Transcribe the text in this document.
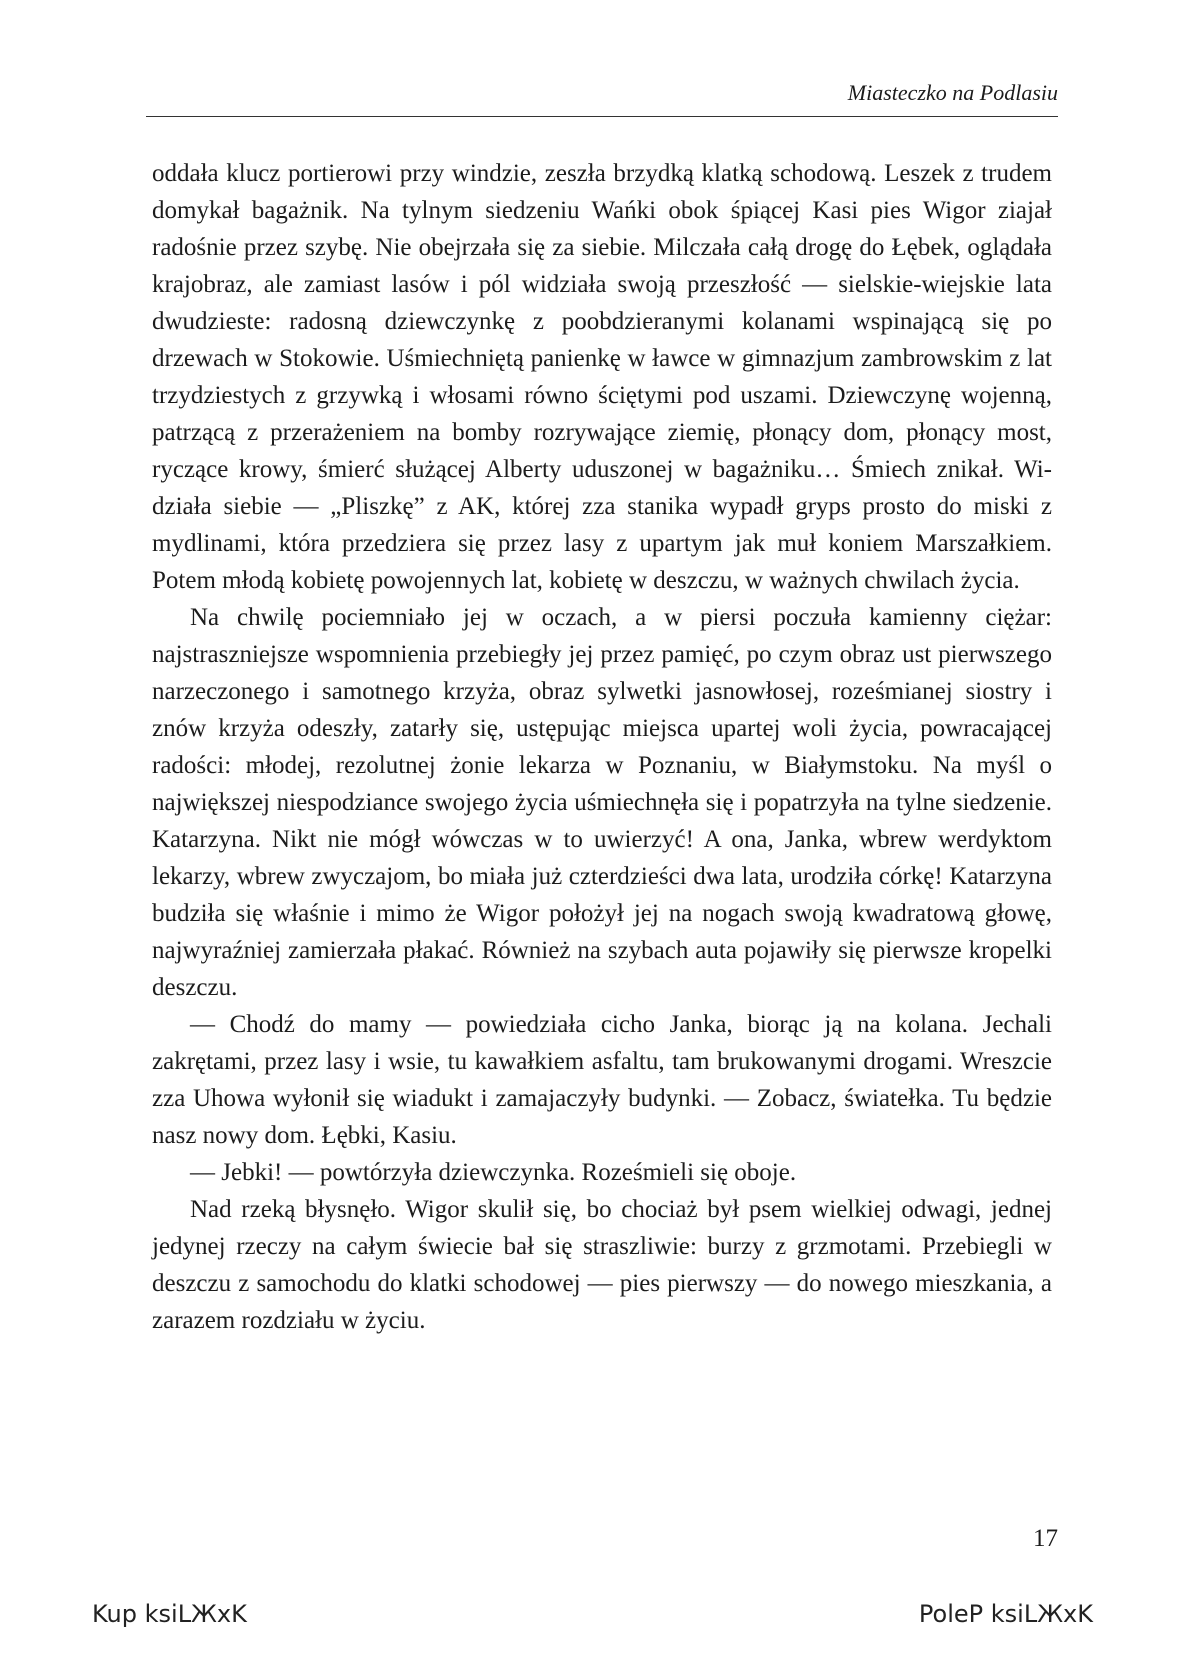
Miasteczko na Podlasiu

oddała klucz portierowi przy windzie, zeszła brzydką klatką schodową. Leszek z trudem domykał bagażnik. Na tylnym siedzeniu Wańki obok śpiącej Kasi pies Wigor ziajał radośnie przez szybę. Nie obejrzała się za siebie. Milczała całą drogę do Łębek, oglądała krajobraz, ale zamiast lasów i pól widziała swoją przeszłość — sielskie-wiejskie lata dwudzieste: radosną dziewczynkę z poobdzieranymi kolanami wspinającą się po drzewach w Stokowie. Uśmiechniętą panienkę w ławce w gimnazjum zambrowskim z lat trzydziestych z grzywką i włosami równo ściętymi pod uszami. Dziewczynę wojenną, patrzącą z przerażeniem na bomby rozrywające ziemię, płonący dom, płonący most, ryczące krowy, śmierć służącej Alberty uduszonej w bagażniku… Śmiech znikał. Widziała siebie — „Pliszkę” z AK, której zza stanika wypadł gryps prosto do miski z mydlinami, która przedziera się przez lasy z upartym jak muł koniem Marszałkiem. Potem młodą kobietę powojennych lat, kobietę w deszczu, w ważnych chwilach życia.

Na chwilę pociemniało jej w oczach, a w piersi poczuła kamienny ciężar: najstraszniejsze wspomnienia przebiegły jej przez pamięć, po czym obraz ust pierwszego narzeczonego i samotnego krzyża, obraz sylwetki jasnowłosej, roześmianej siostry i znów krzyża odeszły, zatarły się, ustępując miejsca upartej woli życia, powracającej radości: młodej, rezolutnej żonie lekarza w Poznaniu, w Białymstoku. Na myśl o największej niespodziance swojego życia uśmiechnęła się i popatrzyła na tylne siedzenie. Katarzyna. Nikt nie mógł wówczas w to uwierzyć! A ona, Janka, wbrew werdyktom lekarzy, wbrew zwyczajom, bo miała już czterdzieści dwa lata, urodziła córkę! Katarzyna budziła się właśnie i mimo że Wigor położył jej na nogach swoją kwadratową głowę, najwyraźniej zamierzała płakać. Również na szybach auta pojawiły się pierwsze kropelki deszczu.

— Chodź do mamy — powiedziała cicho Janka, biorąc ją na kolana. Jechali zakrętami, przez lasy i wsie, tu kawałkiem asfaltu, tam brukowanymi drogami. Wreszcie zza Uhowa wyłonił się wiadukt i zamajaczyły budynki. — Zobacz, światełka. Tu będzie nasz nowy dom. Łębki, Kasiu.

— Jebki! — powtórzyła dziewczynka. Roześmieli się oboje.

Nad rzeką błysnęło. Wigor skulił się, bo chociaż był psem wielkiej odwagi, jednej jedynej rzeczy na całym świecie bał się straszliwie: burzy z grzmotami. Przebiegli w deszczu z samochodu do klatki schodowej — pies pierwszy — do nowego mieszkania, a zarazem rozdziału w życiu.

17
Kup ksiLЖxK	PoleP ksiLЖxK
